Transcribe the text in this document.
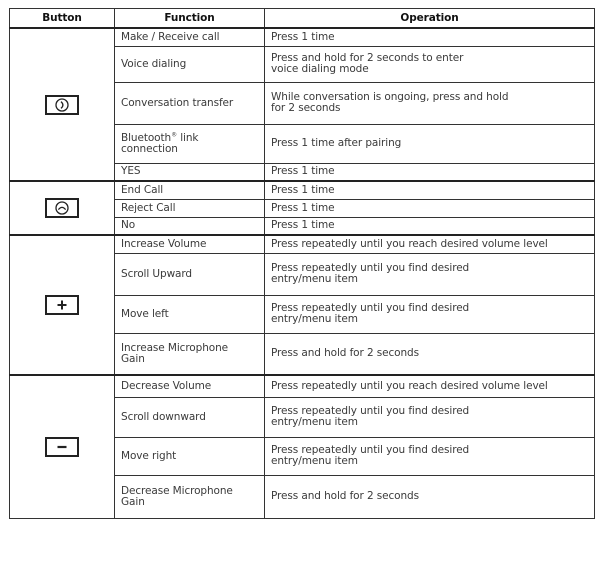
Button	Function	Operation

	Make / Receive call	Press 1 time
	Voice dialing	Press and hold for 2 seconds to enter
voice dialing mode
	Conversation transfer	While conversation is ongoing, press and hold
for 2 seconds
	Bluetooth® link
connection	Press 1 time after pairing
	YES	Press 1 time

	End Call	Press 1 time
	Reject Call	Press 1 time
	No	Press 1 time

	Increase Volume	Press repeatedly until you reach desired volume level
	Scroll Upward	Press repeatedly until you find desired
entry/menu item
	Move left	Press repeatedly until you find desired
entry/menu item
	Increase Microphone
Gain	Press and hold for 2 seconds

	Decrease Volume	Press repeatedly until you reach desired volume level
	Scroll downward	Press repeatedly until you find desired
entry/menu item
	Move right	Press repeatedly until you find desired
entry/menu item
	Decrease Microphone
Gain	Press and hold for 2 seconds
